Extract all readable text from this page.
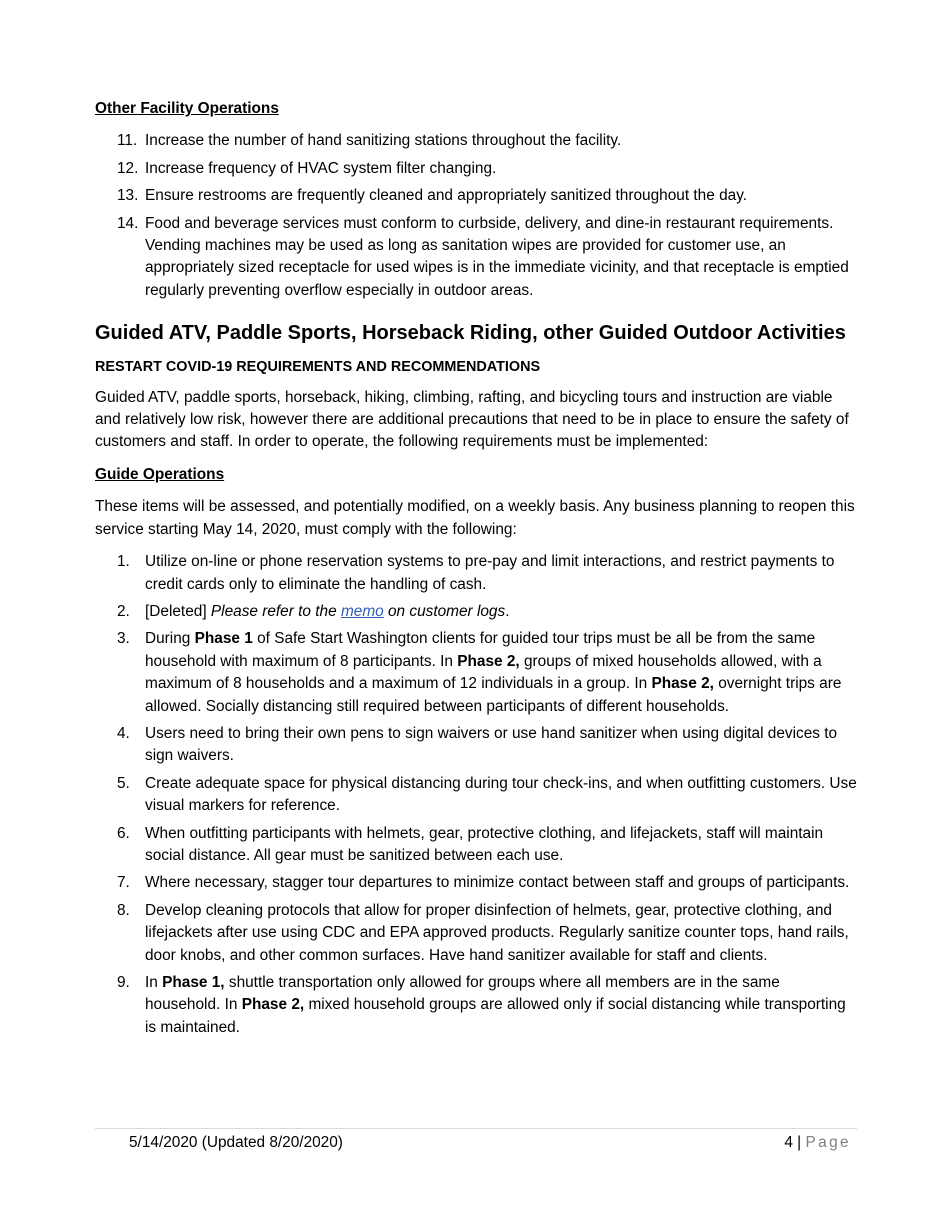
Other Facility Operations
11. Increase the number of hand sanitizing stations throughout the facility.
12. Increase frequency of HVAC system filter changing.
13. Ensure restrooms are frequently cleaned and appropriately sanitized throughout the day.
14. Food and beverage services must conform to curbside, delivery, and dine-in restaurant requirements. Vending machines may be used as long as sanitation wipes are provided for customer use, an appropriately sized receptacle for used wipes is in the immediate vicinity, and that receptacle is emptied regularly preventing overflow especially in outdoor areas.
Guided ATV, Paddle Sports, Horseback Riding, other Guided Outdoor Activities
RESTART COVID-19 REQUIREMENTS AND RECOMMENDATIONS

Guided ATV, paddle sports, horseback, hiking, climbing, rafting, and bicycling tours and instruction are viable and relatively low risk, however there are additional precautions that need to be in place to ensure the safety of customers and staff. In order to operate, the following requirements must be implemented:

Guide Operations

These items will be assessed, and potentially modified, on a weekly basis. Any business planning to reopen this service starting May 14, 2020, must comply with the following:

1. Utilize on-line or phone reservation systems to pre-pay and limit interactions, and restrict payments to credit cards only to eliminate the handling of cash.
2. [Deleted] Please refer to the memo on customer logs.
3. During Phase 1 of Safe Start Washington clients for guided tour trips must be all be from the same household with maximum of 8 participants. In Phase 2, groups of mixed households allowed, with a maximum of 8 households and a maximum of 12 individuals in a group. In Phase 2, overnight trips are allowed. Socially distancing still required between participants of different households.
4. Users need to bring their own pens to sign waivers or use hand sanitizer when using digital devices to sign waivers.
5. Create adequate space for physical distancing during tour check-ins, and when outfitting customers. Use visual markers for reference.
6. When outfitting participants with helmets, gear, protective clothing, and lifejackets, staff will maintain social distance. All gear must be sanitized between each use.
7. Where necessary, stagger tour departures to minimize contact between staff and groups of participants.
8. Develop cleaning protocols that allow for proper disinfection of helmets, gear, protective clothing, and lifejackets after use using CDC and EPA approved products. Regularly sanitize counter tops, hand rails, door knobs, and other common surfaces. Have hand sanitizer available for staff and clients.
9. In Phase 1, shuttle transportation only allowed for groups where all members are in the same household. In Phase 2, mixed household groups are allowed only if social distancing while transporting is maintained.
5/14/2020 (Updated 8/20/2020)	4 | Page
